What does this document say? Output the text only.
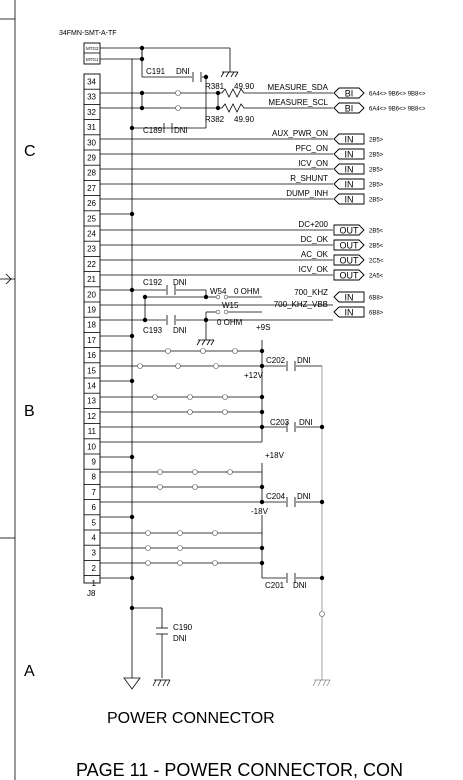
C
B
A
34FMN-SMT-A-TF
MTG2
MTG1
34
33
32
31
30
29
28
27
26
25
24
23
22
21
20
19
18
17
16
15
14
13
12
11
10
9
8
7
6
5
4
3
2
1
J8
C191 DNI
R381 49.90
R382 49.90
C189 DNI
C192 DNI
W54 0 OHM
W15
0 OHM
C193 DNI	+9S
C202 DNI
+12V
C203 DNI
+18V
C204 DNI
-18V
C201 DNI
C190
DNI
MEASURE_SDA
BI	6A4<> 9B6<> 9B8<>
MEASURE_SCL
BI	6A4<> 9B6<> 9B8<>
AUX_PWR_ON
IN	2B5>
PFC_ON
IN	2B5>
ICV_ON
IN	2B5>
R_SHUNT
IN	2B5>
DUMP_INH
IN	2B5>
DC+200
OUT 2B5<
DC_OK
OUT 2B5<
AC_OK
OUT 2C5<
ICV_OK
OUT 2A5<
700_KHZ IN	6B8>
700_KHZ_VBB
IN	6B8>
POWER CONNECTOR
PAGE 11 - POWER CONNECTOR, CON
